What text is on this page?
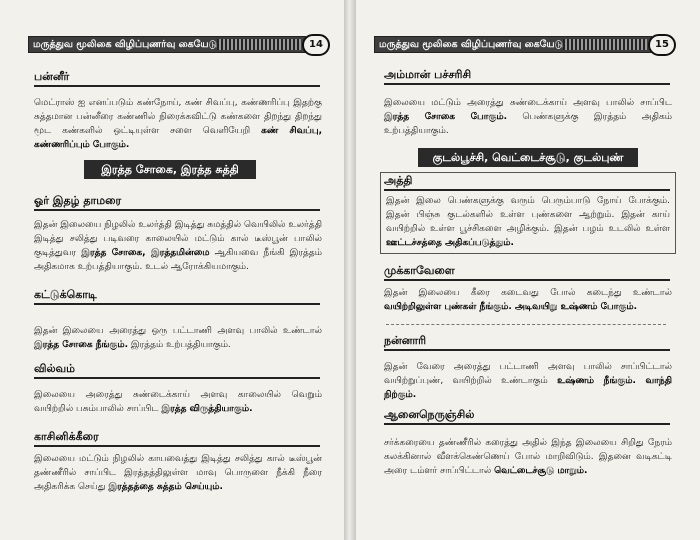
மருத்துவ மூலிகை விழிப்புணர்வு கையேடு	14
பன்னீர்
மெட்ராஸ் ஐ எனப்படும் கண்நோய், கண் சிவப்பு, கண்ணரிப்பு இதற்கு சுத்தமான பன்னீரை கண்ணில் நிரைக்கவிட்டு கண்களை திறந்து திறந்து மூட கண்களில் ஒட்டியுள்ள சளை வெளியேறி கண் சிவப்பு, கண்ணரிப்பும் போகும்.
இரத்த சோகை, இரத்த சுத்தி
ஓர் இதழ் தாமரை
இதன் இலையை நிழலில் உலர்த்தி இடித்து சுமத்தில் வெயிலில் உலர்த்தி இடித்து சலித்து படிவரை காலையில் மட்டும் கால் டீஸ்பூன் பாலில் குடித்துவர இரத்த சோகை, இரத்தமின்மை ஆகியவை நீங்கி இரத்தம் அதிகமாக உற்பத்தியாகும். உடல் ஆரோக்கியமாகும்.
கட்டுக்கொடி
இதன் இலையை அரைத்து ஒரு பட்டாணி அளவு பாலில் உண்டால் இரத்த சோகை நீங்கும். இரத்தம் உற்பத்தியாகும்.
வில்வம்
இலையை அரைத்து சுண்டைக்காய் அளவு காலையில் வெறும் வயிற்றில் பசும்பாலில் சாப்பிட இரத்த விருத்தியாகும்.
காசினிக்கீரை
இலையை மட்டும் நிழலில் காயவைத்து இடித்து சலித்து கால் டீஸ்பூன் தண்ணீரில் சாப்பிட இரத்தத்திலுள்ள மாவு பொருளை நீக்கி நீரை அதிகரிக்க செய்து இரத்தத்தை சுத்தம் செய்யும்.
மருத்துவ மூலிகை விழிப்புணர்வு கையேடு	15
அம்மான் பச்சரிசி
இலையை மட்டும் அரைத்து சுண்டைக்காய் அளவு பாலில் சாப்பிட இரத்த சோகை போகும். பெண்களுக்கு இரத்தம் அதிகம் உற்பத்தியாகும்.
குடல்பூச்சி, வெட்டைச்சூடு, குடல்புண்
அத்தி
இதன் இலை பெண்களுக்கு வரும் பெரும்பாடு நோய் போக்கும். இதன் பிஞ்சு குடல்களில் உள்ள புண்களை ஆற்றும். இதன் காய் வயிற்றில் உள்ள பூச்சிகளை அழிக்கும். இதன் பழம் உடலில் உள்ள ஊட்டச்சத்தை அதிகப்படுத்தும்.
முக்காவேளை
இதன் இலையை கீரை கடைவது போல் கடைந்து உண்டால் வயிற்றிலுள்ள புண்கள் நீங்கும். அடிவயிறு உஷ்ணம் போகும்.
நன்னாரி
இதன் வேரை அரைத்து பட்டாணி அளவு பாலில் சாப்பிட்டால் வயிற்றுப்புண், வயிற்றில் உண்டாகும் உஷ்ணம் நீங்கும். வாந்தி நிற்கும்.
ஆனைநெருஞ்சில்
சர்க்கரையை தண்ணீரில் கரைத்து அதில் இந்த இலையை சிறிது நேரம் கலக்கினால் வீளக்கெண்ணெய் போல் மாறிவிடும். இதனை வடிகட்டி அரை டம்ளர் சாப்பிட்டால் வெட்டைச்சூடு மாறும்.
